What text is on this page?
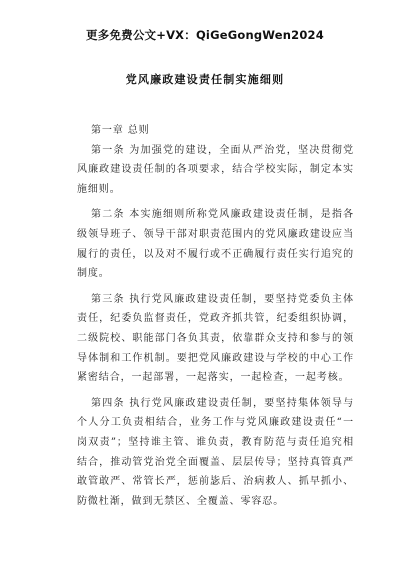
更多免费公文+VX：QiGeGongWen2024
党风廉政建设责任制实施细则

第一章 总则

第一条 为加强党的建设，全面从严治党，坚决贯彻党风廉政建设责任制的各项要求，结合学校实际，制定本实施细则。

第二条 本实施细则所称党风廉政建设责任制，是指各级领导班子、领导干部对职责范围内的党风廉政建设应当履行的责任，以及对不履行或不正确履行责任实行追究的制度。

第三条 执行党风廉政建设责任制，要坚持党委负主体责任，纪委负监督责任，党政齐抓共管，纪委组织协调，二级院校、职能部门各负其责，依靠群众支持和参与的领导体制和工作机制。要把党风廉政建设与学校的中心工作紧密结合，一起部署，一起落实，一起检查，一起考核。

第四条 执行党风廉政建设责任制，要坚持集体领导与个人分工负责相结合，业务工作与党风廉政建设责任“一岗双责”；坚持谁主管、谁负责，教育防范与责任追究相结合，推动管党治党全面覆盖、层层传导；坚持真管真严敢管敢严、常管长严，惩前毖后、治病救人、抓早抓小、防微杜渐，做到无禁区、全覆盖、零容忍。
